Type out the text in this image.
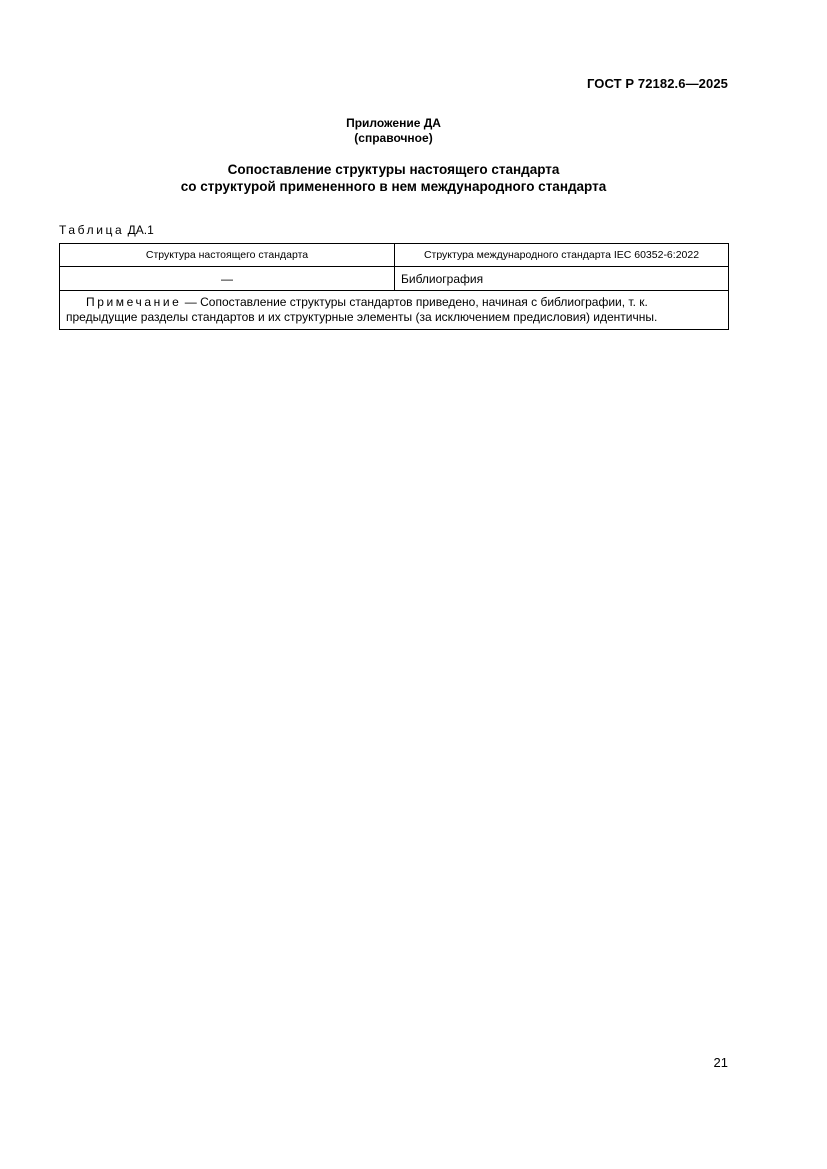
ГОСТ Р 72182.6—2025
Приложение ДА
(справочное)
Сопоставление структуры настоящего стандарта
со структурой примененного в нем международного стандарта
Таблица ДА.1
Структура настоящего стандарта	Структура международного стандарта IEC 60352-6:2022
—	Библиография
Примечание — Сопоставление структуры стандартов приведено, начиная с библиографии, т. к. предыдущие разделы стандартов и их структурные элементы (за исключением предисловия) идентичны.	
21
